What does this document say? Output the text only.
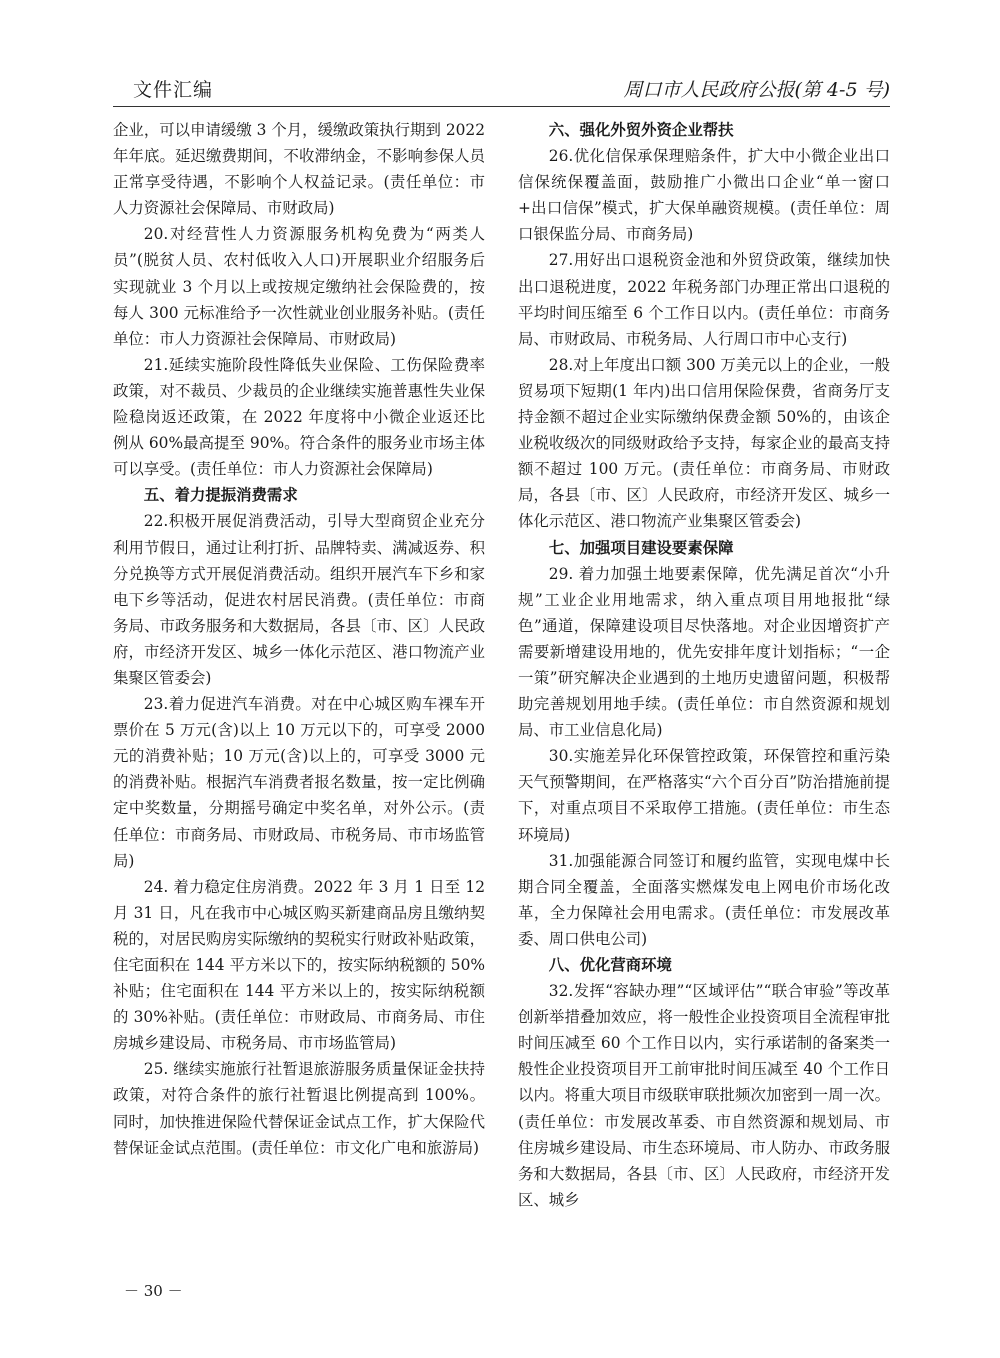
文件汇编	周口市人民政府公报(第 4-5 号)

企业，可以申请缓缴 3 个月，缓缴政策执行期到 2022 年年底。延迟缴费期间，不收滞纳金，不影响参保人员正常享受待遇，不影响个人权益记录。(责任单位：市人力资源社会保障局、市财政局)

20.对经营性人力资源服务机构免费为“两类人员”(脱贫人员、农村低收入人口)开展职业介绍服务后实现就业 3 个月以上或按规定缴纳社会保险费的，按每人 300 元标准给予一次性就业创业服务补贴。(责任单位：市人力资源社会保障局、市财政局)

21.延续实施阶段性降低失业保险、工伤保险费率政策，对不裁员、少裁员的企业继续实施普惠性失业保险稳岗返还政策，在 2022 年度将中小微企业返还比例从 60%最高提至 90%。符合条件的服务业市场主体可以享受。(责任单位：市人力资源社会保障局)

五、着力提振消费需求

22.积极开展促消费活动，引导大型商贸企业充分利用节假日，通过让利打折、品牌特卖、满减返券、积分兑换等方式开展促消费活动。组织开展汽车下乡和家电下乡等活动，促进农村居民消费。(责任单位：市商务局、市政务服务和大数据局，各县〔市、区〕人民政府，市经济开发区、城乡一体化示范区、港口物流产业集聚区管委会)

23.着力促进汽车消费。对在中心城区购车裸车开票价在 5 万元(含)以上 10 万元以下的，可享受 2000 元的消费补贴；10 万元(含)以上的，可享受 3000 元的消费补贴。根据汽车消费者报名数量，按一定比例确定中奖数量，分期摇号确定中奖名单，对外公示。(责任单位：市商务局、市财政局、市税务局、市市场监管局)

24. 着力稳定住房消费。2022 年 3 月 1 日至 12 月 31 日，凡在我市中心城区购买新建商品房且缴纳契税的，对居民购房实际缴纳的契税实行财政补贴政策，住宅面积在 144 平方米以下的，按实际纳税额的 50%补贴；住宅面积在 144 平方米以上的，按实际纳税额的 30%补贴。(责任单位：市财政局、市商务局、市住房城乡建设局、市税务局、市市场监管局)

25. 继续实施旅行社暂退旅游服务质量保证金扶持政策，对符合条件的旅行社暂退比例提高到 100%。同时，加快推进保险代替保证金试点工作，扩大保险代替保证金试点范围。(责任单位：市文化广电和旅游局)

六、强化外贸外资企业帮扶

26.优化信保承保理赔条件，扩大中小微企业出口信保统保覆盖面，鼓励推广小微出口企业“单一窗口+出口信保”模式，扩大保单融资规模。(责任单位：周口银保监分局、市商务局)

27.用好出口退税资金池和外贸贷政策，继续加快出口退税进度，2022 年税务部门办理正常出口退税的平均时间压缩至 6 个工作日以内。(责任单位：市商务局、市财政局、市税务局、人行周口市中心支行)

28.对上年度出口额 300 万美元以上的企业，一般贸易项下短期(1 年内)出口信用保险保费，省商务厅支持金额不超过企业实际缴纳保费金额 50%的，由该企业税收级次的同级财政给予支持，每家企业的最高支持额不超过 100 万元。(责任单位：市商务局、市财政局，各县〔市、区〕人民政府，市经济开发区、城乡一体化示范区、港口物流产业集聚区管委会)

七、加强项目建设要素保障

29. 着力加强土地要素保障，优先满足首次“小升规”工业企业用地需求，纳入重点项目用地报批“绿色”通道，保障建设项目尽快落地。对企业因增资扩产需要新增建设用地的，优先安排年度计划指标；“一企一策”研究解决企业遇到的土地历史遗留问题，积极帮助完善规划用地手续。(责任单位：市自然资源和规划局、市工业信息化局)

30.实施差异化环保管控政策，环保管控和重污染天气预警期间，在严格落实“六个百分百”防治措施前提下，对重点项目不采取停工措施。(责任单位：市生态环境局)

31.加强能源合同签订和履约监管，实现电煤中长期合同全覆盖，全面落实燃煤发电上网电价市场化改革，全力保障社会用电需求。(责任单位：市发展改革委、周口供电公司)

八、优化营商环境

32.发挥“容缺办理”“区域评估”“联合审验”等改革创新举措叠加效应，将一般性企业投资项目全流程审批时间压减至 60 个工作日以内，实行承诺制的备案类一般性企业投资项目开工前审批时间压减至 40 个工作日以内。将重大项目市级联审联批频次加密到一周一次。(责任单位：市发展改革委、市自然资源和规划局、市住房城乡建设局、市生态环境局、市人防办、市政务服务和大数据局，各县〔市、区〕人民政府，市经济开发区、城乡

－ 30 －
